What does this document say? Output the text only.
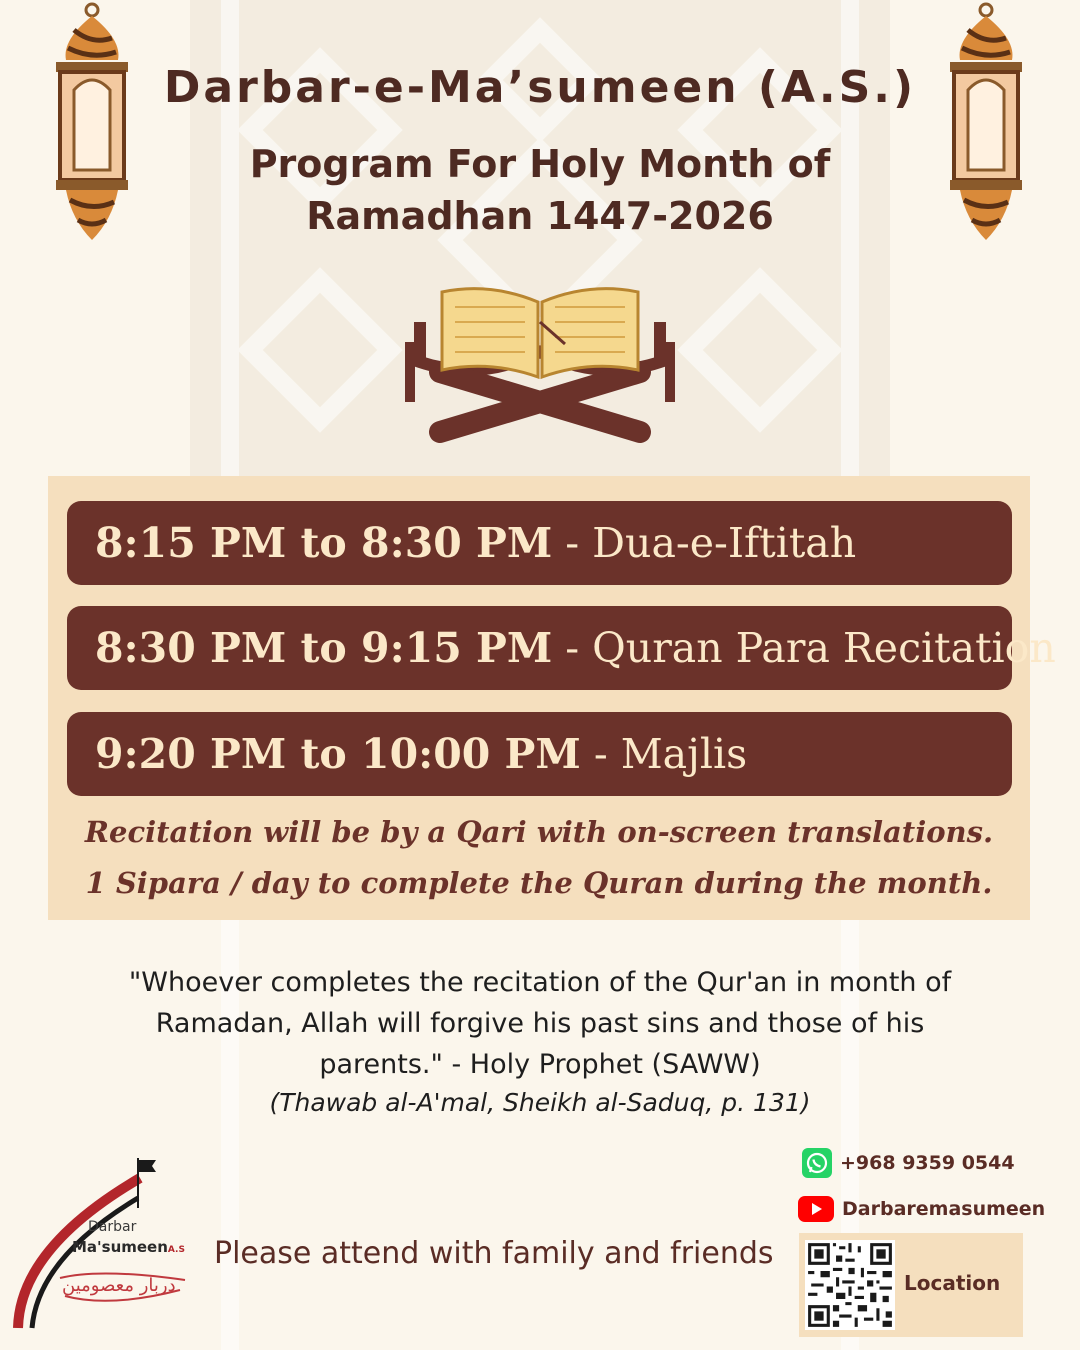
Darbar-e-Ma’sumeen (A.S.)
Program For Holy Month of
Ramadhan 1447-2026
8:15 PM to 8:30 PM - Dua-e-Iftitah
8:30 PM to 9:15 PM - Quran Para Recitation
9:20 PM to 10:00 PM - Majlis
Recitation will be by a Qari with on-screen translations.
1 Sipara / day to complete the Quran during the month.
"Whoever completes the recitation of the Qur'an in month of Ramadan, Allah will forgive his past sins and those of his parents." - Holy Prophet (SAWW)
(Thawab al-A'mal, Sheikh al-Saduq, p. 131)
دربار معصومین
Darbar
Ma'sumeenA.S Please attend with family and friends
+968 9359 0544
Darbaremasumeen
Location
